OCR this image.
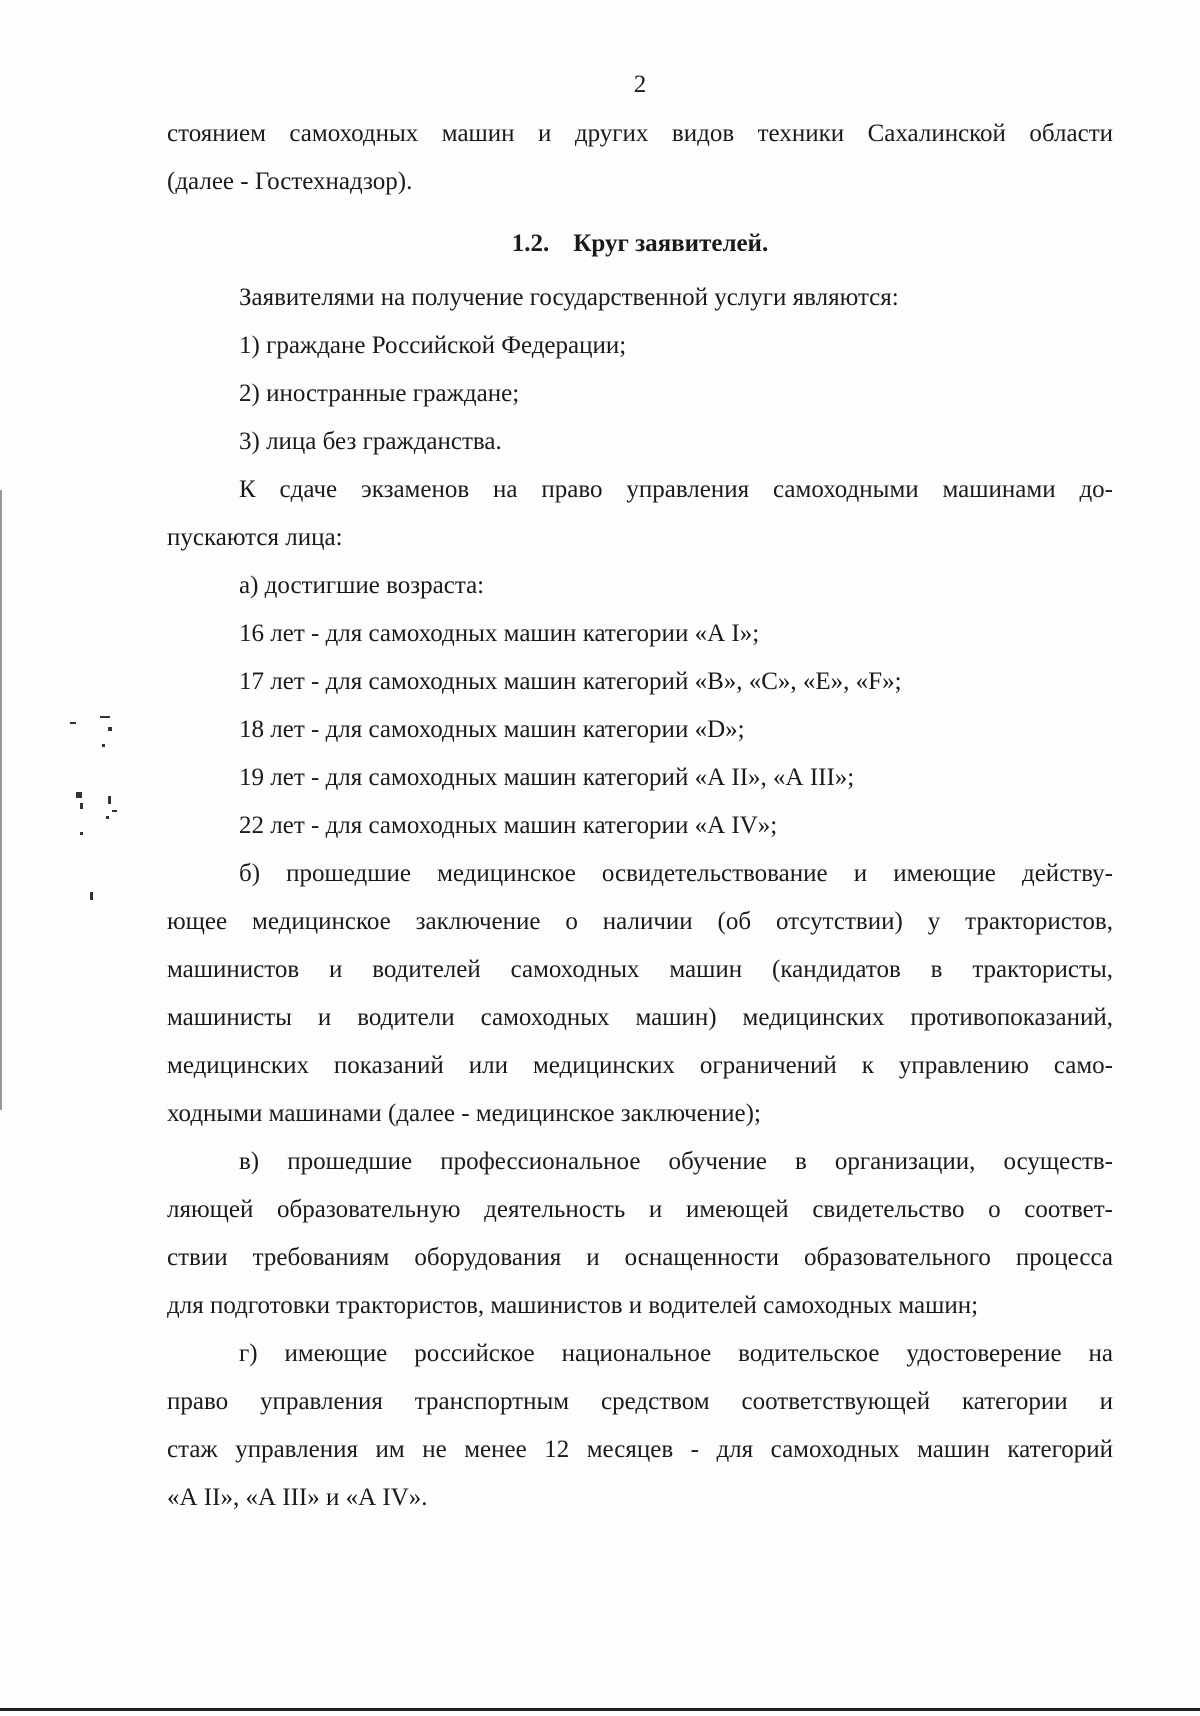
2

стоянием самоходных машин и других видов техники Сахалинской области

(далее - Гостехнадзор).

1.2. Круг заявителей.

Заявителями на получение государственной услуги являются:

1) граждане Российской Федерации;

2) иностранные граждане;

3) лица без гражданства.

К сдаче экзаменов на право управления самоходными машинами до-

пускаются лица:

а) достигшие возраста:

16 лет - для самоходных машин категории «А I»;

17 лет - для самоходных машин категорий «B», «C», «E», «F»;

18 лет - для самоходных машин категории «D»;

19 лет - для самоходных машин категорий «А II», «А III»;

22 лет - для самоходных машин категории «А IV»;

б) прошедшие медицинское освидетельствование и имеющие действу-

ющее медицинское заключение о наличии (об отсутствии) у трактористов,

машинистов и водителей самоходных машин (кандидатов в трактористы,

машинисты и водители самоходных машин) медицинских противопоказаний,

медицинских показаний или медицинских ограничений к управлению само-

ходными машинами (далее - медицинское заключение);

в) прошедшие профессиональное обучение в организации, осуществ-

ляющей образовательную деятельность и имеющей свидетельство о соответ-

ствии требованиям оборудования и оснащенности образовательного процесса

для подготовки трактористов, машинистов и водителей самоходных машин;

г) имеющие российское национальное водительское удостоверение на

право управления транспортным средством соответствующей категории и

стаж управления им не менее 12 месяцев - для самоходных машин категорий

«А II», «А III» и «А IV».
